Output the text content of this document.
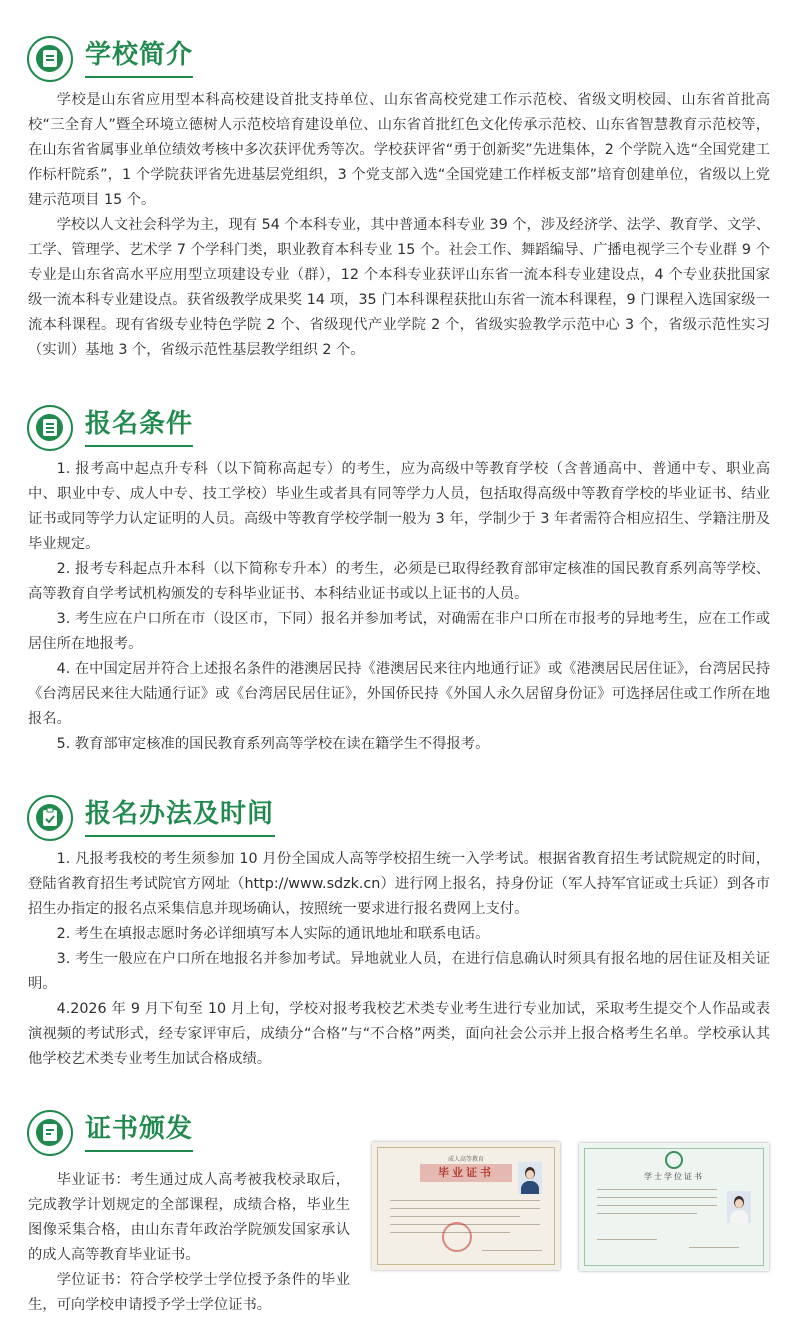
学校简介

学校是山东省应用型本科高校建设首批支持单位、山东省高校党建工作示范校、省级文明校园、山东省首批高校“三全育人”暨全环境立德树人示范校培育建设单位、山东省首批红色文化传承示范校、山东省智慧教育示范校等，在山东省省属事业单位绩效考核中多次获评优秀等次。学校获评省“勇于创新奖”先进集体，2 个学院入选“全国党建工作标杆院系”，1 个学院获评省先进基层党组织，3 个党支部入选“全国党建工作样板支部”培育创建单位，省级以上党建示范项目 15 个。

学校以人文社会科学为主，现有 54 个本科专业，其中普通本科专业 39 个，涉及经济学、法学、教育学、文学、工学、管理学、艺术学 7 个学科门类，职业教育本科专业 15 个。社会工作、舞蹈编导、广播电视学三个专业群 9 个专业是山东省高水平应用型立项建设专业（群），12 个本科专业获评山东省一流本科专业建设点，4 个专业获批国家级一流本科专业建设点。获省级教学成果奖 14 项，35 门本科课程获批山东省一流本科课程，9 门课程入选国家级一流本科课程。现有省级专业特色学院 2 个、省级现代产业学院 2 个，省级实验教学示范中心 3 个，省级示范性实习（实训）基地 3 个，省级示范性基层教学组织 2 个。

报名条件

1. 报考高中起点升专科（以下简称高起专）的考生，应为高级中等教育学校（含普通高中、普通中专、职业高中、职业中专、成人中专、技工学校）毕业生或者具有同等学力人员，包括取得高级中等教育学校的毕业证书、结业证书或同等学力认定证明的人员。高级中等教育学校学制一般为 3 年，学制少于 3 年者需符合相应招生、学籍注册及毕业规定。

2. 报考专科起点升本科（以下简称专升本）的考生，必须是已取得经教育部审定核准的国民教育系列高等学校、高等教育自学考试机构颁发的专科毕业证书、本科结业证书或以上证书的人员。

3. 考生应在户口所在市（设区市，下同）报名并参加考试，对确需在非户口所在市报考的异地考生，应在工作或居住所在地报考。

4. 在中国定居并符合上述报名条件的港澳居民持《港澳居民来往内地通行证》或《港澳居民居住证》，台湾居民持《台湾居民来往大陆通行证》或《台湾居民居住证》，外国侨民持《外国人永久居留身份证》可选择居住或工作所在地报名。

5. 教育部审定核准的国民教育系列高等学校在读在籍学生不得报考。

报名办法及时间

1. 凡报考我校的考生须参加 10 月份全国成人高等学校招生统一入学考试。根据省教育招生考试院规定的时间，登陆省教育招生考试院官方网址（http://www.sdzk.cn）进行网上报名，持身份证（军人持军官证或士兵证）到各市招生办指定的报名点采集信息并现场确认，按照统一要求进行报名费网上支付。

2. 考生在填报志愿时务必详细填写本人实际的通讯地址和联系电话。

3. 考生一般应在户口所在地报名并参加考试。异地就业人员，在进行信息确认时须具有报名地的居住证及相关证明。

4.2026 年 9 月下旬至 10 月上旬，学校对报考我校艺术类专业考生进行专业加试，采取考生提交个人作品或表演视频的考试形式，经专家评审后，成绩分“合格”与“不合格”两类，面向社会公示并上报合格考生名单。学校承认其他学校艺术类专业考生加试合格成绩。

证书颁发

毕业证书：考生通过成人高考被我校录取后，完成教学计划规定的全部课程，成绩合格，毕业生图像采集合格，由山东青年政治学院颁发国家承认的成人高等教育毕业证书。

学位证书：符合学校学士学位授予条件的毕业生，可向学校申请授予学士学位证书。

成人高等教育
毕业证书	学士学位证书
